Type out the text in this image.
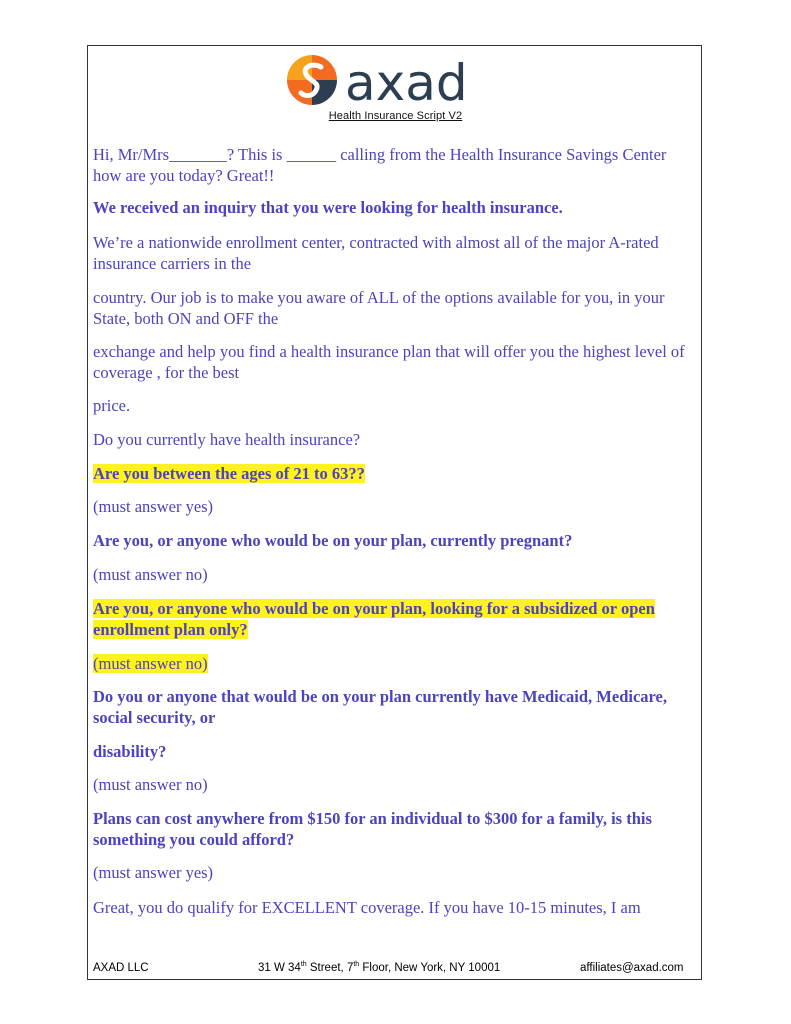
axad
Health Insurance Script V2

Hi, Mr/Mrs_______? This is ______ calling from the Health Insurance Savings Center how are you today? Great!!

We received an inquiry that you were looking for health insurance.

We’re a nationwide enrollment center, contracted with almost all of the major A-rated insurance carriers in the

country. Our job is to make you aware of ALL of the options available for you, in your State, both ON and OFF the

exchange and help you find a health insurance plan that will offer you the highest level of coverage , for the best

price.

Do you currently have health insurance?

Are you between the ages of 21 to 63??

(must answer yes)

Are you, or anyone who would be on your plan, currently pregnant?

(must answer no)

Are you, or anyone who would be on your plan, looking for a subsidized or open enrollment plan only?

(must answer no)

Do you or anyone that would be on your plan currently have Medicaid, Medicare, social security, or

disability?

(must answer no)

Plans can cost anywhere from $150 for an individual to $300 for a family, is this something you could afford?

(must answer yes)

Great, you do qualify for EXCELLENT coverage. If you have 10-15 minutes, I am

AXAD LLC	31 W 34th Street, 7th Floor, New York, NY 10001	affiliates@axad.com
